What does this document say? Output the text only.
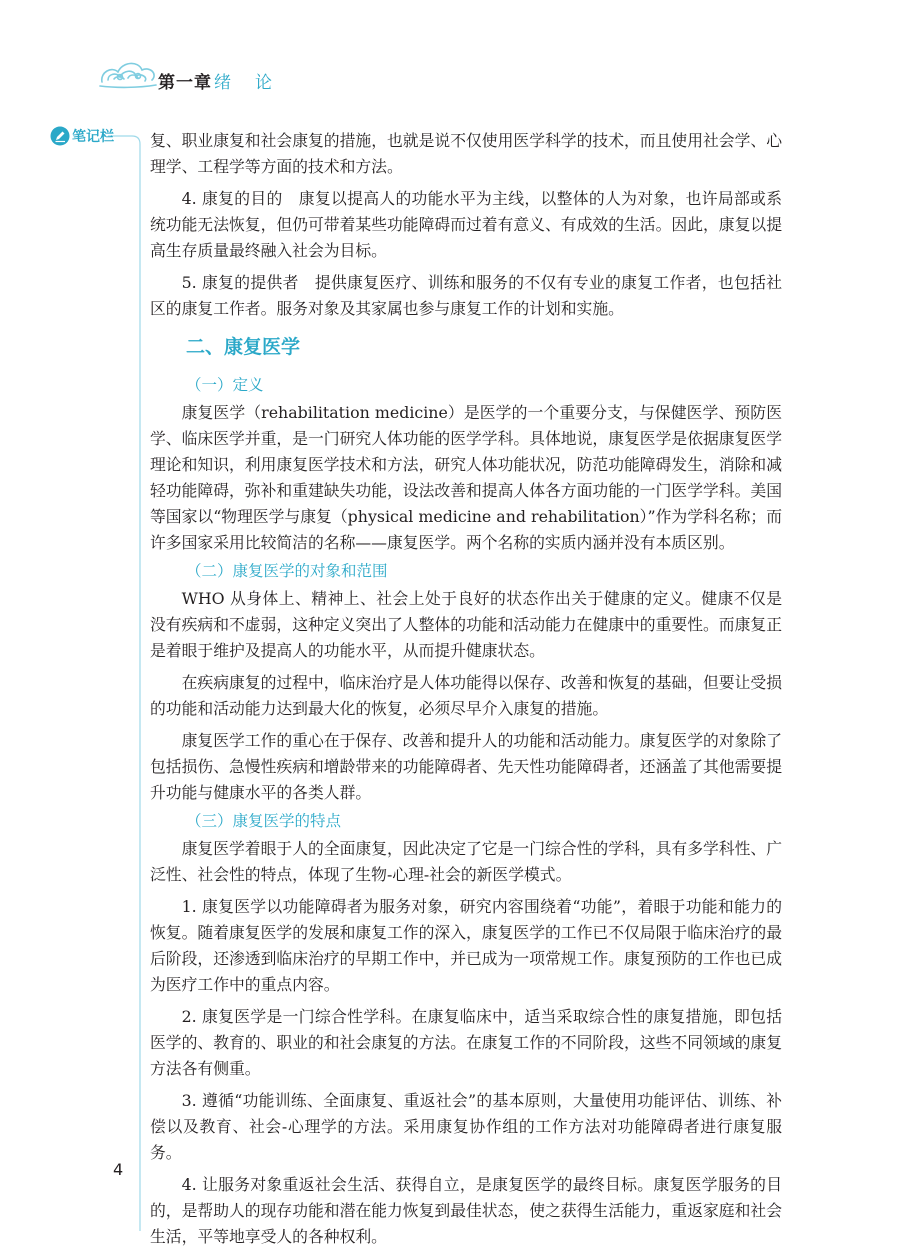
第一章 绪论
笔记栏 复、职业康复和社会康复的措施，也就是说不仅使用医学科学的技术，而且使用社会学、心理学、工程学等方面的技术和方法。

4. 康复的目的　康复以提高人的功能水平为主线，以整体的人为对象，也许局部或系统功能无法恢复，但仍可带着某些功能障碍而过着有意义、有成效的生活。因此，康复以提高生存质量最终融入社会为目标。

5. 康复的提供者　提供康复医疗、训练和服务的不仅有专业的康复工作者，也包括社区的康复工作者。服务对象及其家属也参与康复工作的计划和实施。

二、康复医学
（一）定义

康复医学（rehabilitation medicine）是医学的一个重要分支，与保健医学、预防医学、临床医学并重，是一门研究人体功能的医学学科。具体地说，康复医学是依据康复医学理论和知识，利用康复医学技术和方法，研究人体功能状况，防范功能障碍发生，消除和减轻功能障碍，弥补和重建缺失功能，设法改善和提高人体各方面功能的一门医学学科。美国等国家以“物理医学与康复（physical medicine and rehabilitation）”作为学科名称；而许多国家采用比较简洁的名称——康复医学。两个名称的实质内涵并没有本质区别。

（二）康复医学的对象和范围

WHO 从身体上、精神上、社会上处于良好的状态作出关于健康的定义。健康不仅是没有疾病和不虚弱，这种定义突出了人整体的功能和活动能力在健康中的重要性。而康复正是着眼于维护及提高人的功能水平，从而提升健康状态。

在疾病康复的过程中，临床治疗是人体功能得以保存、改善和恢复的基础，但要让受损的功能和活动能力达到最大化的恢复，必须尽早介入康复的措施。

康复医学工作的重心在于保存、改善和提升人的功能和活动能力。康复医学的对象除了包括损伤、急慢性疾病和增龄带来的功能障碍者、先天性功能障碍者，还涵盖了其他需要提升功能与健康水平的各类人群。

（三）康复医学的特点

康复医学着眼于人的全面康复，因此决定了它是一门综合性的学科，具有多学科性、广泛性、社会性的特点，体现了生物-心理-社会的新医学模式。

1. 康复医学以功能障碍者为服务对象，研究内容围绕着“功能”，着眼于功能和能力的恢复。随着康复医学的发展和康复工作的深入，康复医学的工作已不仅局限于临床治疗的最后阶段，还渗透到临床治疗的早期工作中，并已成为一项常规工作。康复预防的工作也已成为医疗工作中的重点内容。

2. 康复医学是一门综合性学科。在康复临床中，适当采取综合性的康复措施，即包括医学的、教育的、职业的和社会康复的方法。在康复工作的不同阶段，这些不同领域的康复方法各有侧重。

3. 遵循“功能训练、全面康复、重返社会”的基本原则，大量使用功能评估、训练、补偿以及教育、社会-心理学的方法。采用康复协作组的工作方法对功能障碍者进行康复服务。

4. 让服务对象重返社会生活、获得自立，是康复医学的最终目标。康复医学服务的目的，是帮助人的现存功能和潜在能力恢复到最佳状态，使之获得生活能力，重返家庭和社会生活，平等地享受人的各种权利。

4
